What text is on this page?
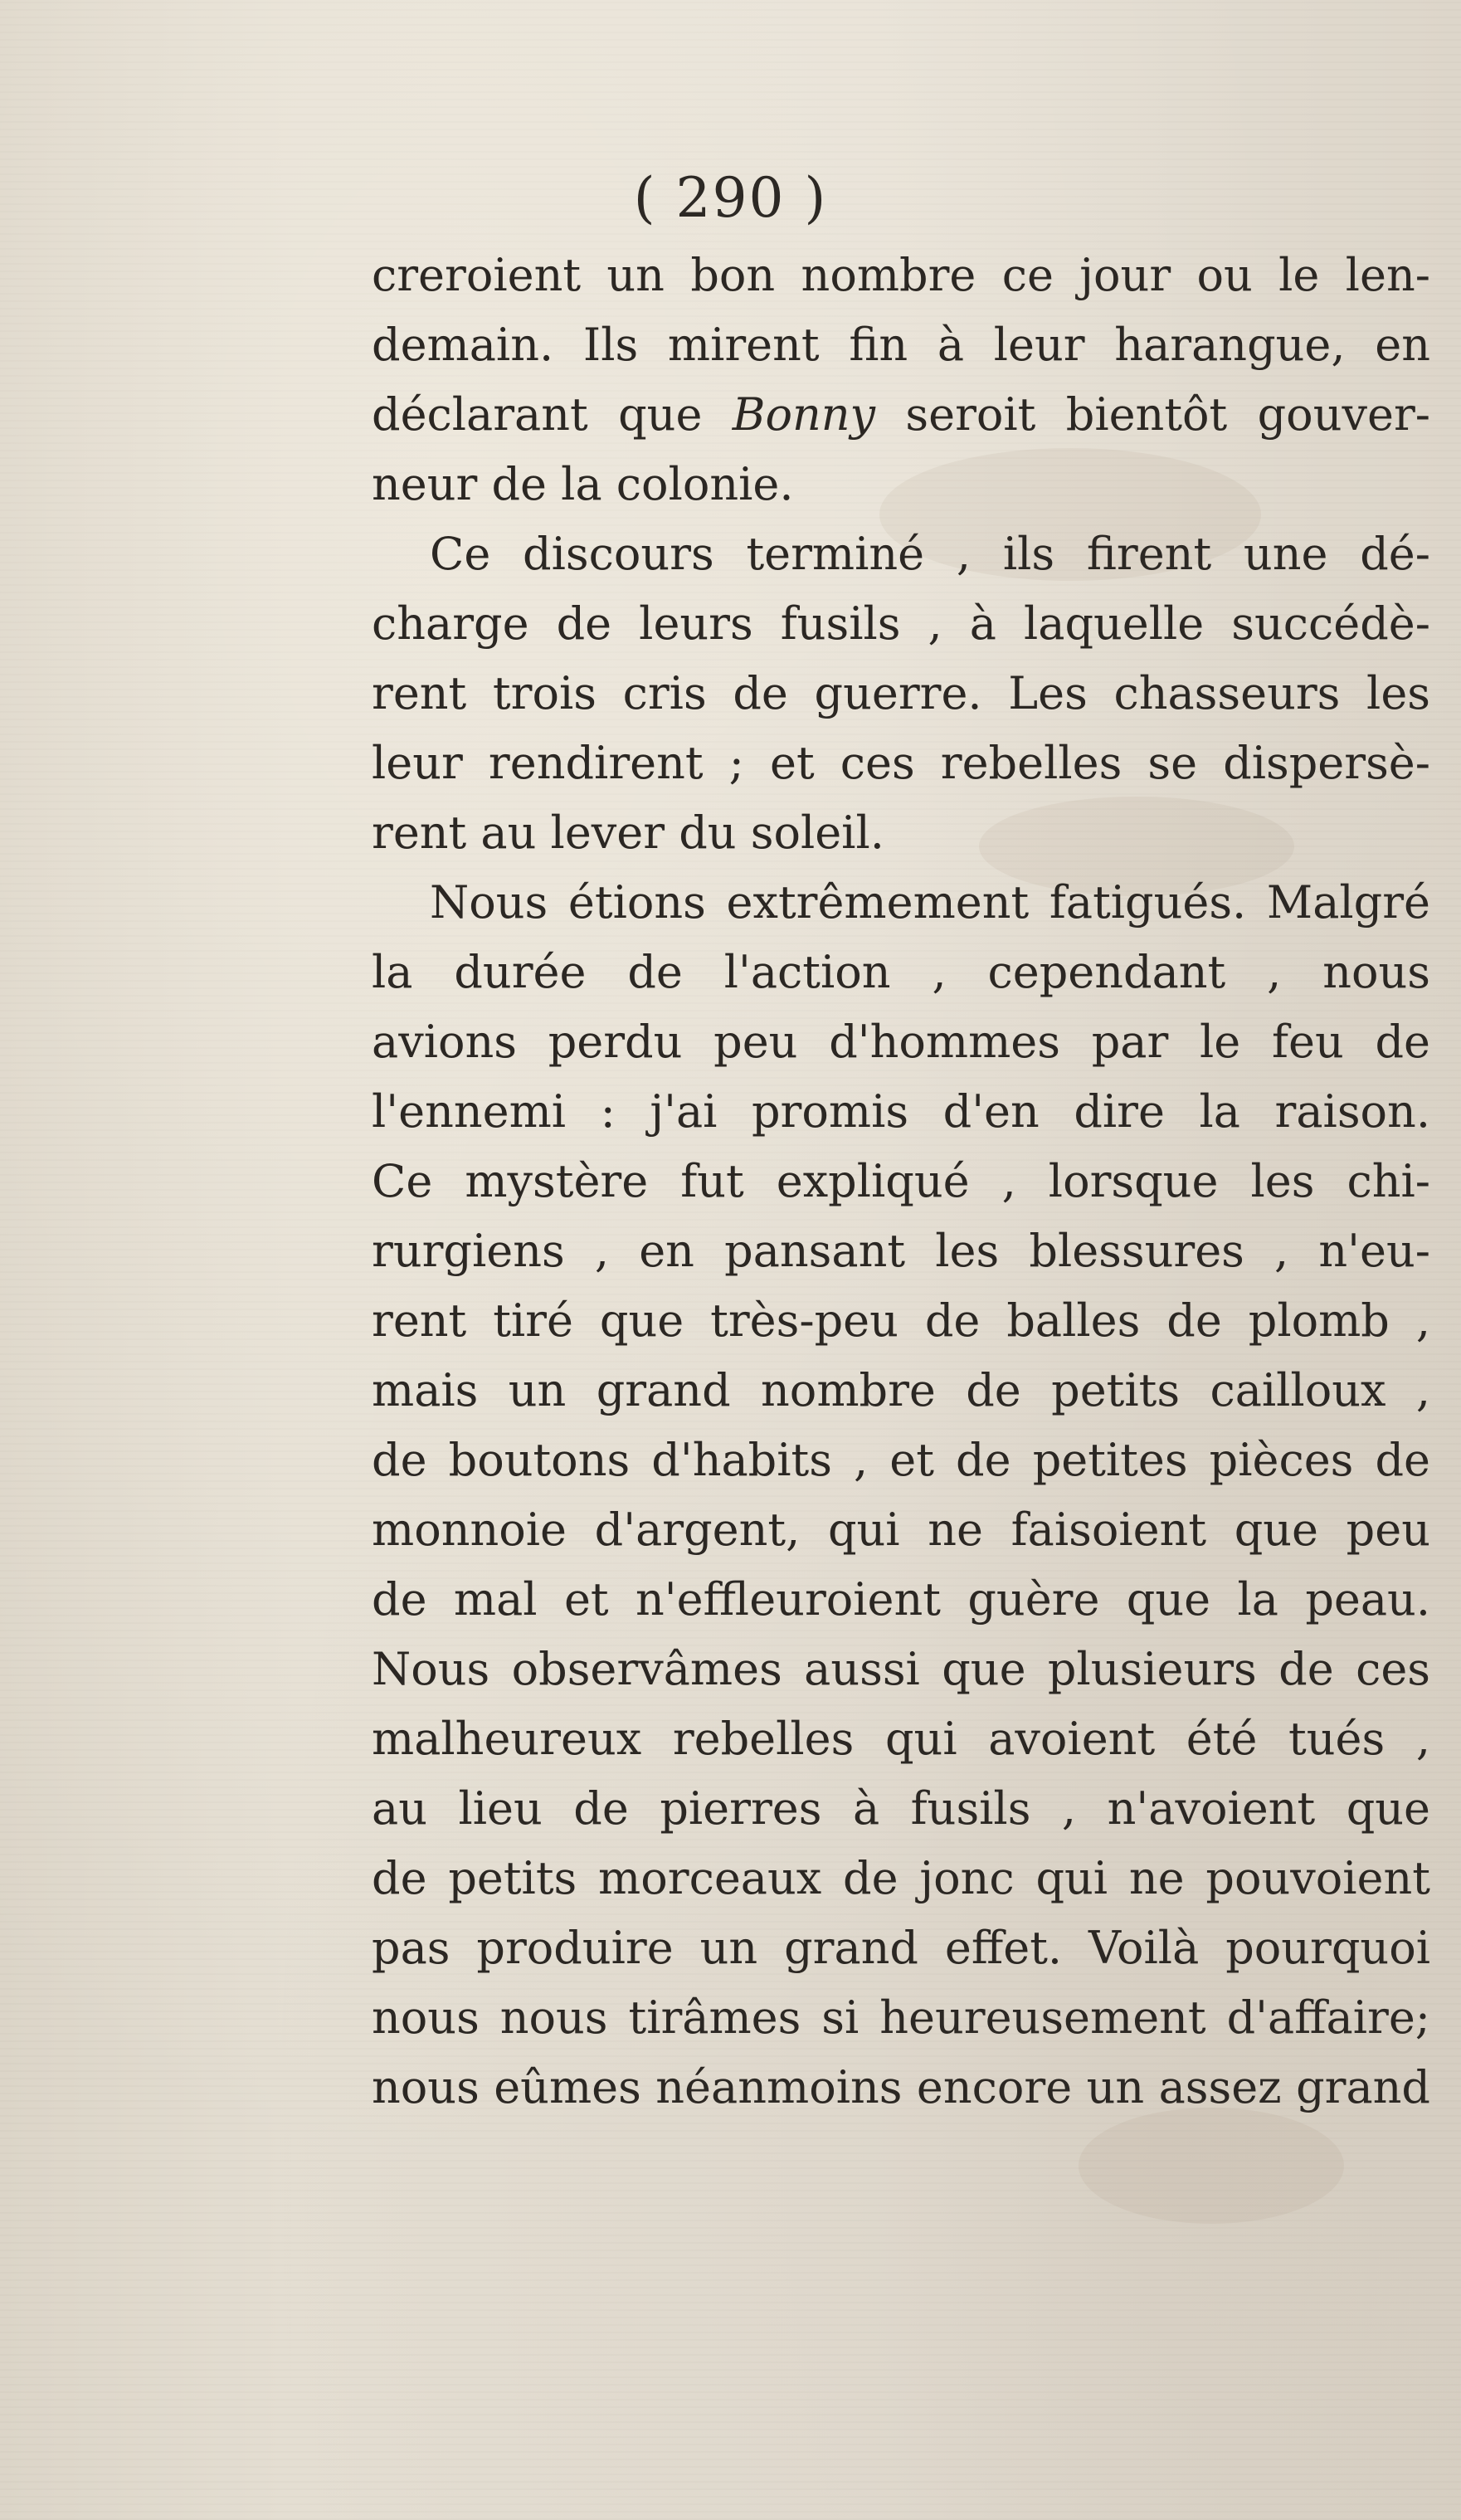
( 290 )
creroient un bon nombre ce jour ou le len-
demain. Ils mirent fin à leur harangue, en
déclarant que Bonny seroit bientôt gouver-
neur de la colonie.
Ce discours terminé , ils firent une dé-
charge de leurs fusils , à laquelle succédè-
rent trois cris de guerre. Les chasseurs les
leur rendirent ; et ces rebelles se dispersè-
rent au lever du soleil.
Nous étions extrêmement fatigués. Malgré
la durée de l'action , cependant , nous
avions perdu peu d'hommes par le feu de
l'ennemi : j'ai promis d'en dire la raison.
Ce mystère fut expliqué , lorsque les chi-
rurgiens , en pansant les blessures , n'eu-
rent tiré que très-peu de balles de plomb ,
mais un grand nombre de petits cailloux ,
de boutons d'habits , et de petites pièces de
monnoie d'argent, qui ne faisoient que peu
de mal et n'effleuroient guère que la peau.
Nous observâmes aussi que plusieurs de ces
malheureux rebelles qui avoient été tués ,
au lieu de pierres à fusils , n'avoient que
de petits morceaux de jonc qui ne pouvoient
pas produire un grand effet. Voilà pourquoi
nous nous tirâmes si heureusement d'affaire;
nous eûmes néanmoins encore un assez grand
